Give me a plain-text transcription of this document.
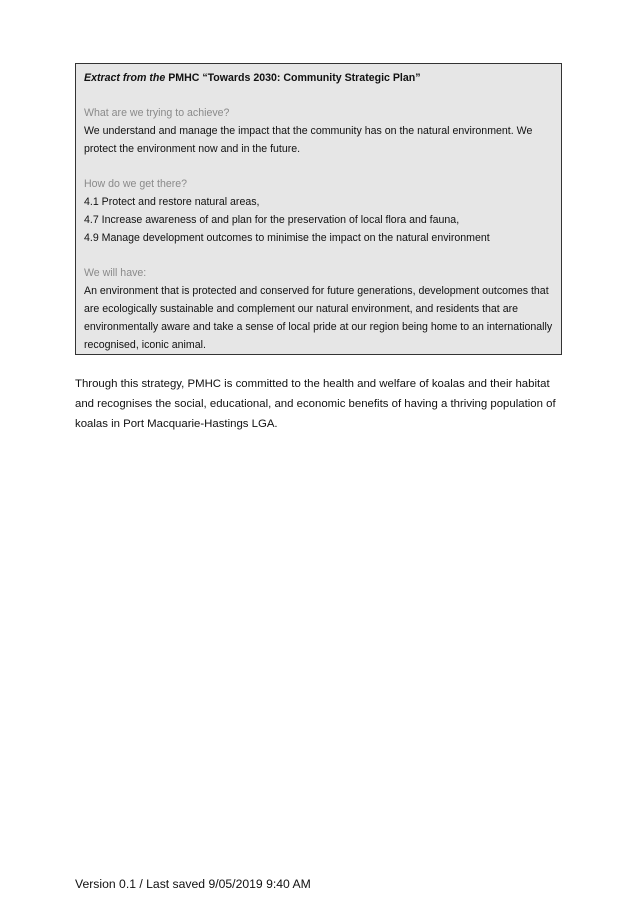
Extract from the PMHC “Towards 2030: Community Strategic Plan”

What are we trying to achieve?
We understand and manage the impact that the community has on the natural environment. We protect the environment now and in the future.
How do we get there?
4.1 Protect and restore natural areas,
4.7 Increase awareness of and plan for the preservation of local flora and fauna,
4.9 Manage development outcomes to minimise the impact on the natural environment
We will have:
An environment that is protected and conserved for future generations, development outcomes that are ecologically sustainable and complement our natural environment, and residents that are environmentally aware and take a sense of local pride at our region being home to an internationally recognised, iconic animal.

Through this strategy, PMHC is committed to the health and welfare of koalas and their habitat and recognises the social, educational, and economic benefits of having a thriving population of koalas in Port Macquarie-Hastings LGA.

Version 0.1 / Last saved 9/05/2019 9:40 AM
